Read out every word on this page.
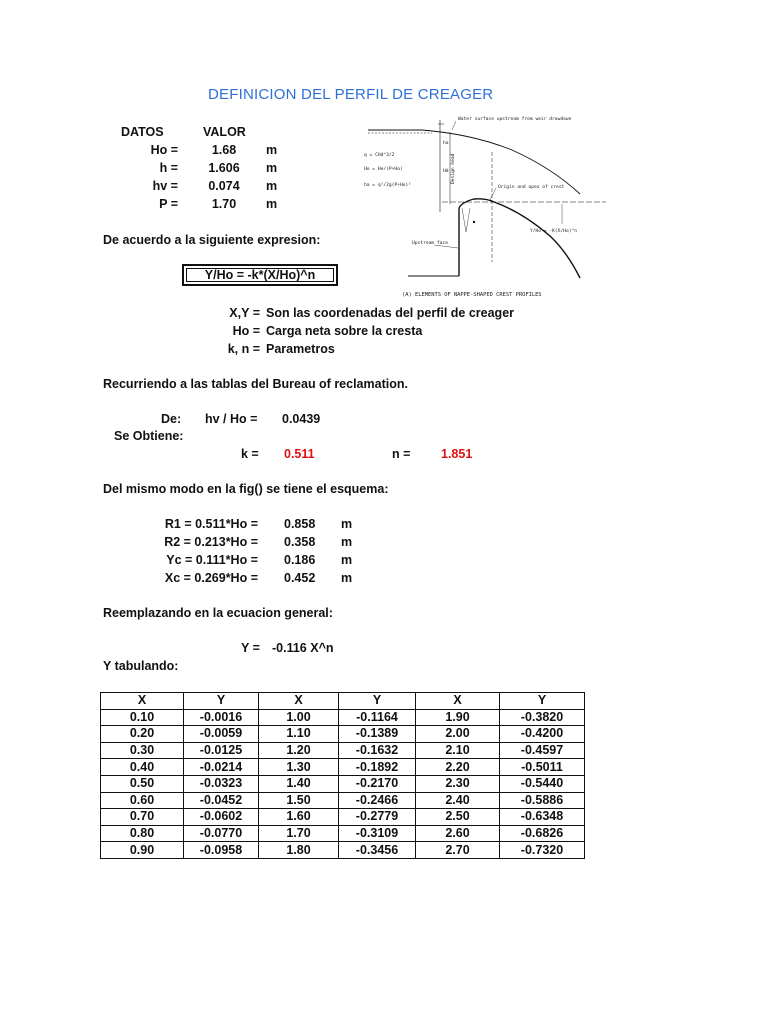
DEFINICION DEL PERFIL DE CREAGER
DATOS	VALOR
Ho =	1.68	m
h =	1.606	m
hv =	0.074	m
P =	1.70	m
De acuerdo a la siguiente expresion:
Y/Ho = -k*(X/Ho)^n
Water surface upstream from weir drawdown
Design head
ha
Hd
q = CHd^3/2
Ho = He/(P+Ho)
ha = q²/2g(P+Ho)²	Origin and apex of crest
Y/Ho = -K(X/Ho)^n
Upstream face
(A) ELEMENTS OF NAPPE-SHAPED CREST PROFILES
X,Y = Son las coordenadas del perfil de creager
Ho = Carga neta sobre la cresta
k, n = Parametros
Recurriendo a las tablas del Bureau of reclamation.
De: hv / Ho = 0.0439
Se Obtiene:
k = 0.511	n = 1.851
Del mismo modo en la fig() se tiene el esquema:
R1 = 0.511*Ho = 0.858 m
R2 = 0.213*Ho = 0.358 m
Yc = 0.111*Ho = 0.186 m
Xc = 0.269*Ho = 0.452 m
Reemplazando en la ecuacion general:
Y = -0.116 X^n
Y tabulando:
X	Y	X	Y	X	Y
0.10	-0.0016	1.00	-0.1164	1.90	-0.3820
0.20	-0.0059	1.10	-0.1389	2.00	-0.4200
0.30	-0.0125	1.20	-0.1632	2.10	-0.4597
0.40	-0.0214	1.30	-0.1892	2.20	-0.5011
0.50	-0.0323	1.40	-0.2170	2.30	-0.5440
0.60	-0.0452	1.50	-0.2466	2.40	-0.5886
0.70	-0.0602	1.60	-0.2779	2.50	-0.6348
0.80	-0.0770	1.70	-0.3109	2.60	-0.6826
0.90	-0.0958	1.80	-0.3456	2.70	-0.7320
